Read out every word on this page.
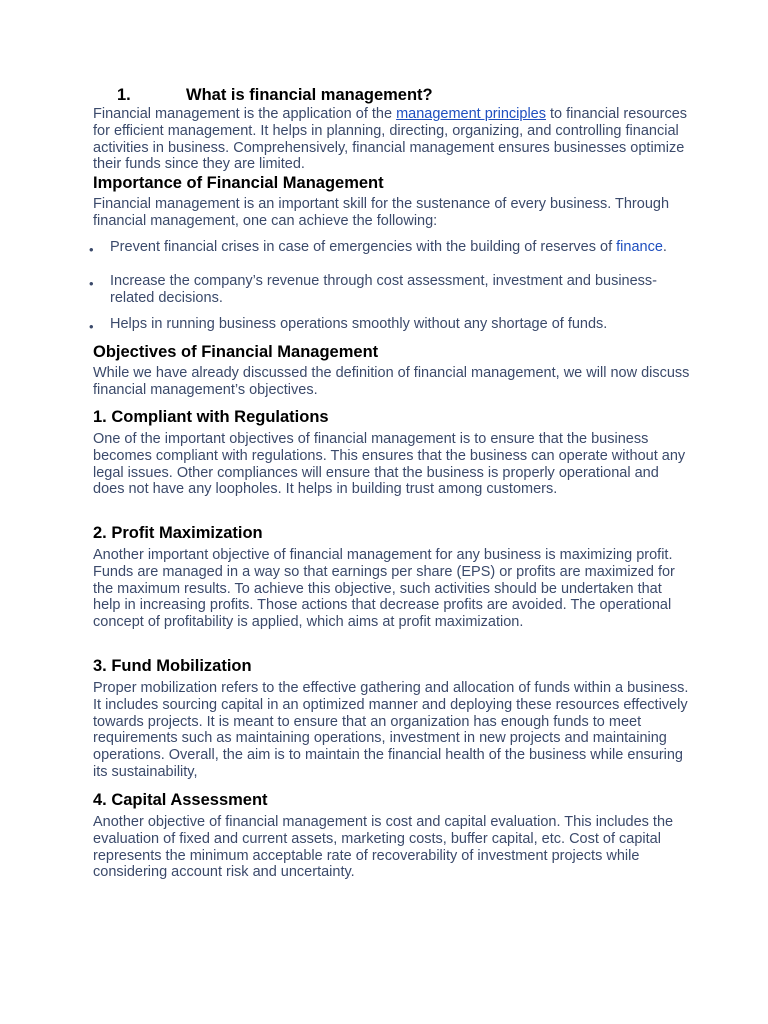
1.	What is financial management?
Financial management is the application of the management principles to financial resources for efficient management. It helps in planning, directing, organizing, and controlling financial activities in business. Comprehensively, financial management ensures businesses optimize their funds since they are limited.
Importance of Financial Management
Financial management is an important skill for the sustenance of every business. Through financial management, one can achieve the following:
• Prevent financial crises in case of emergencies with the building of reserves of finance.
• Increase the company’s revenue through cost assessment, investment and business-related decisions.
• Helps in running business operations smoothly without any shortage of funds.
Objectives of Financial Management
While we have already discussed the definition of financial management, we will now discuss financial management’s objectives.
1. Compliant with Regulations
One of the important objectives of financial management is to ensure that the business becomes compliant with regulations. This ensures that the business can operate without any legal issues. Other compliances will ensure that the business is properly operational and does not have any loopholes. It helps in building trust among customers.
2. Profit Maximization
Another important objective of financial management for any business is maximizing profit. Funds are managed in a way so that earnings per share (EPS) or profits are maximized for the maximum results. To achieve this objective, such activities should be undertaken that help in increasing profits. Those actions that decrease profits are avoided. The operational concept of profitability is applied, which aims at profit maximization.
3. Fund Mobilization
Proper mobilization refers to the effective gathering and allocation of funds within a business. It includes sourcing capital in an optimized manner and deploying these resources effectively towards projects. It is meant to ensure that an organization has enough funds to meet requirements such as maintaining operations, investment in new projects and maintaining operations. Overall, the aim is to maintain the financial health of the business while ensuring its sustainability,
4. Capital Assessment
Another objective of financial management is cost and capital evaluation. This includes the evaluation of fixed and current assets, marketing costs, buffer capital, etc. Cost of capital represents the minimum acceptable rate of recoverability of investment projects while considering account risk and uncertainty.
